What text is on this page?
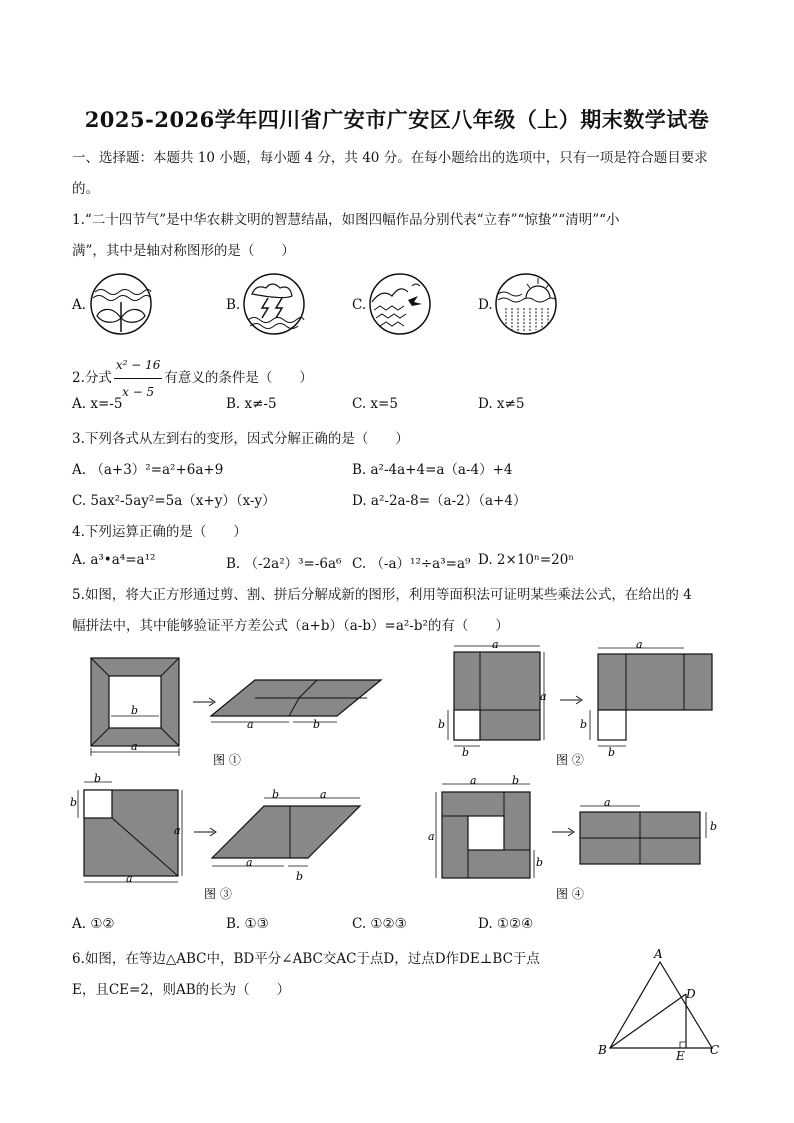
2025-2026学年四川省广安市广安区八年级（上）期末数学试卷
一、选择题：本题共 10 小题，每小题 4 分，共 40 分。在每小题给出的选项中，只有一项是符合题目要求
的。
1.“二十四节气”是中华农耕文明的智慧结晶，如图四幅作品分别代表“立春”“惊蛰”“清明”“小
满”，其中是轴对称图形的是（　　）
A.	B.	C.	D.
2.分式 $\frac{\text{x² − 16}}{x - 5}$ 有意义的条件是（　　）
A. x=-5	B. x≠-5	C. x=5	D. x≠5
3.下列各式从左到右的变形，因式分解正确的是（　　）
A. （a+3）²=a²+6a+9	B. a²-4a+4=a（a-4）+4
C. 5ax²-5ay²=5a（x+y）（x-y）	D. a²-2a-8=（a-2）（a+4）
4.下列运算正确的是（　　）
A. a³•a⁴=a¹²	B. （-2a²）³=-6a⁶ C. （-a）¹²÷a³=a⁹ D. 2×10ⁿ=20ⁿ
5.如图，将大正方形通过剪、割、拼后分解成新的图形，利用等面积法可证明某些乘法公式，在给出的 4
幅拼法中，其中能够验证平方差公式（a+b）（a-b）=a²-b²的有（　　）
b
a
a	b
图 ①
a
a
b
b
a
b
b
图 ②
b
b
a
a
b	a
a
b
图 ③
a	b
a
b
a
b
图 ④
A. ①②	B. ①③	C. ①②③	D. ①②④
6.如图，在等边△ABC中，BD平分∠ABC交AC于点D，过点D作DE⊥BC于点
E，且CE=2，则AB的长为（　　）
A
B	C
D
E
